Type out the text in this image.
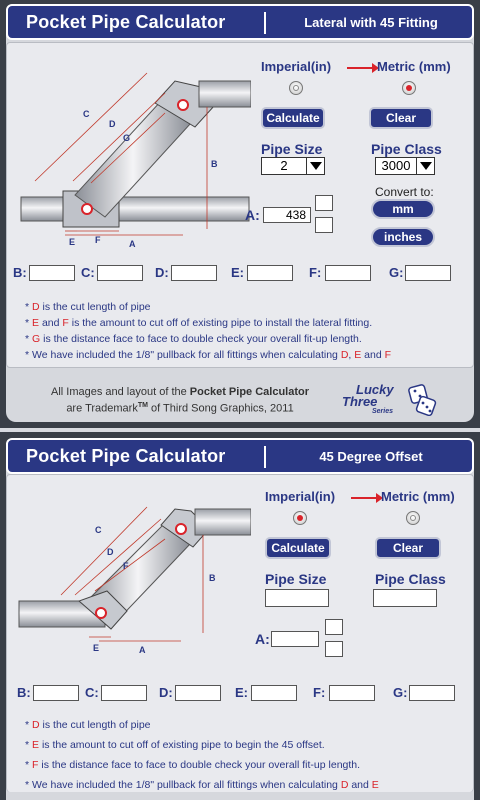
Pocket Pipe Calculator	Lateral with 45 Fitting
C
D
G
B
A
E F
Imperial(in)	Metric (mm)
Calculate	Clear
Pipe Size
2
Pipe Class
3000
Convert to:
mm
inches
A:	438
B:	C:	D:	E:	F:	G:
* D is the cut length of pipe
* E and F is the amount to cut off of existing pipe to install the lateral fitting.
* G is the distance face to face to double check your overall fit-up length.
* We have included the 1/8" pullback for all fittings when calculating D, E and F
All Images and layout of the Pocket Pipe Calculator
are Trademark™ of Third Song Graphics, 2011
Lucky
Three
Series
Pocket Pipe Calculator	45 Degree Offset
C
D
F
B
A
E
Imperial(in)	Metric (mm)
Calculate	Clear
Pipe Size	Pipe Class
A:
B:	C:	D:	E:	F:	G:
* D is the cut length of pipe
* E is the amount to cut off of existing pipe to begin the 45 offset.
* F is the distance face to face to double check your overall fit-up length.
* We have included the 1/8" pullback for all fittings when calculating D and E
